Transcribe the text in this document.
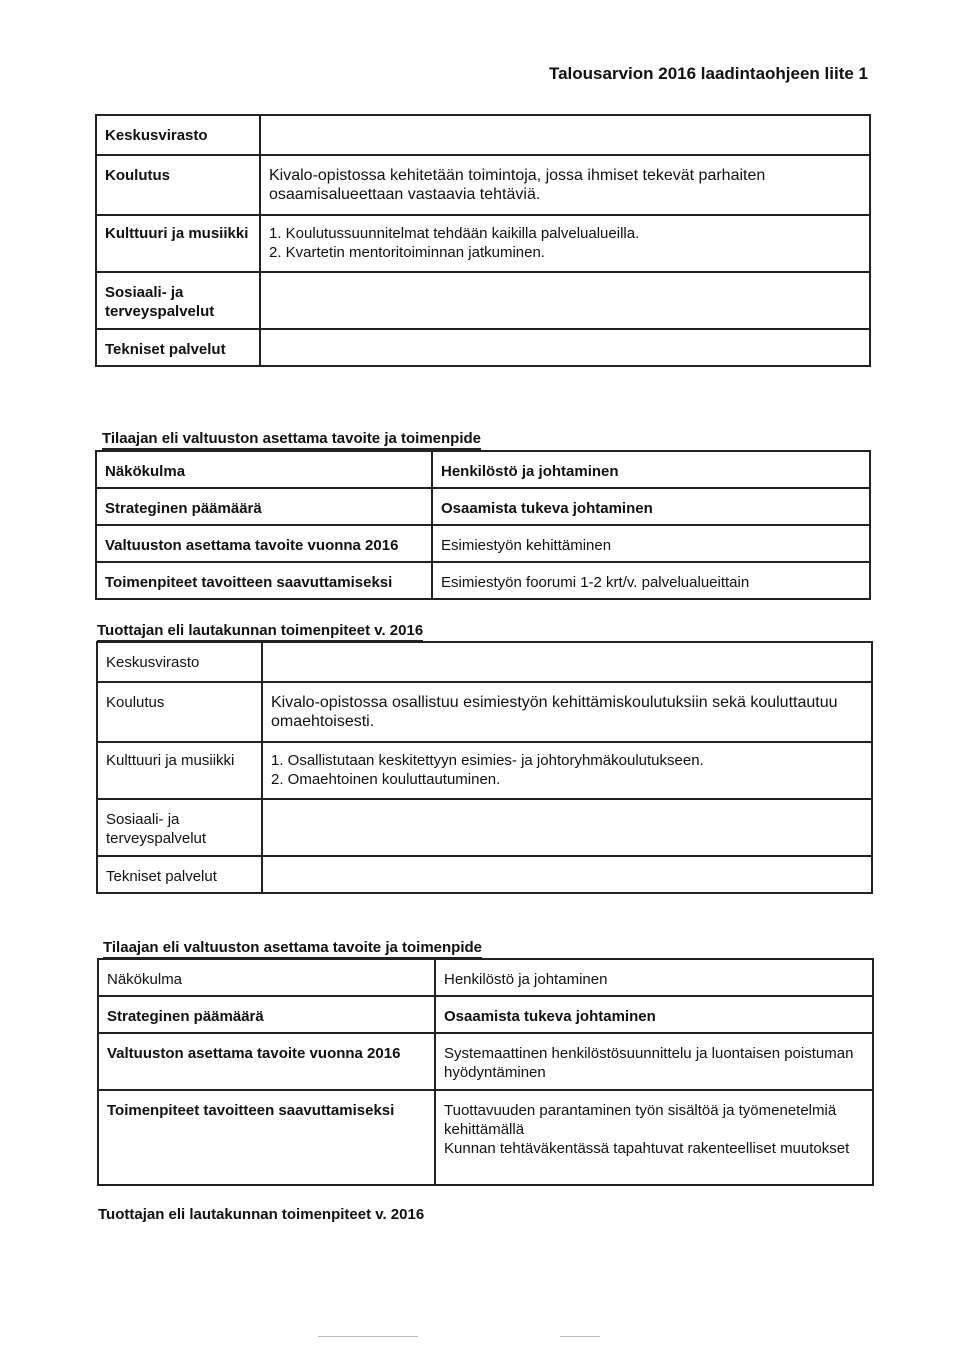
Talousarvion 2016 laadintaohjeen liite 1
Keskusvirasto	
Koulutus	Kivalo-opistossa kehitetään toimintoja, jossa ihmiset tekevät parhaiten osaamisalueettaan vastaavia tehtäviä.
Kulttuuri ja musiikki	1. Koulutussuunnitelmat tehdään kaikilla palvelualueilla.
2. Kvartetin mentoritoiminnan jatkuminen.

Sosiaali- ja terveyspalvelut	
Tekniset palvelut	

Tilaajan eli valtuuston asettama tavoite ja toimenpide

Näkökulma	Henkilöstö ja johtaminen
Strateginen päämäärä	Osaamista tukeva johtaminen
Valtuuston asettama tavoite vuonna 2016	Esimiestyön kehittäminen
Toimenpiteet tavoitteen saavuttamiseksi	Esimiestyön foorumi 1-2 krt/v. palvelualueittain

Tuottajan eli lautakunnan toimenpiteet v. 2016

Keskusvirasto	
Koulutus	Kivalo-opistossa osallistuu esimiestyön kehittämiskoulutuksiin sekä kouluttautuu omaehtoisesti.
Kulttuuri ja musiikki	1. Osallistutaan keskitettyyn esimies- ja johtoryhmäkoulutukseen.
2. Omaehtoinen kouluttautuminen.

Sosiaali- ja terveyspalvelut	
Tekniset palvelut	

Tilaajan eli valtuuston asettama tavoite ja toimenpide

Näkökulma	Henkilöstö ja johtaminen
Strateginen päämäärä	Osaamista tukeva johtaminen
Valtuuston asettama tavoite vuonna 2016	Systemaattinen henkilöstösuunnittelu ja luontaisen poistuman hyödyntäminen
Toimenpiteet tavoitteen saavuttamiseksi	Tuottavuuden parantaminen työn sisältöä ja työmenetelmiä kehittämällä
Kunnan tehtäväkentässä tapahtuvat rakenteelliset muutokset

Tuottajan eli lautakunnan toimenpiteet v. 2016
